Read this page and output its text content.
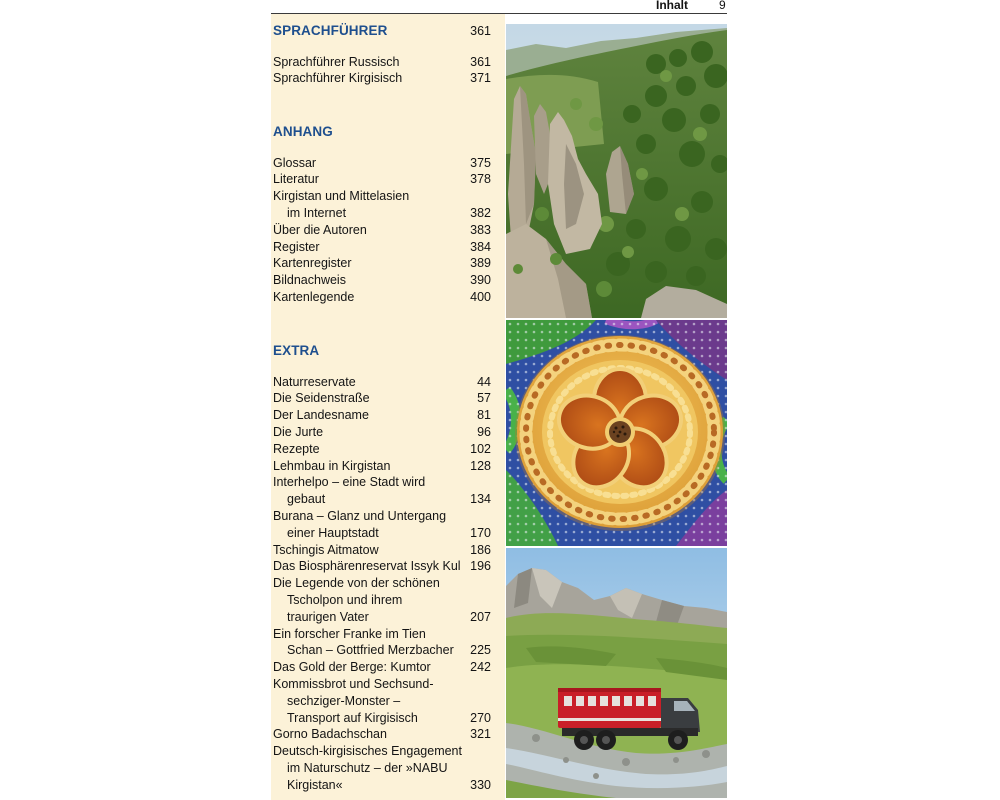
Inhalt	9
SPRACHFÜHRER	361
Sprachführer Russisch	361
Sprachführer Kirgisisch	371
ANHANG
Glossar	375
Literatur	378
Kirgistan und Mittelasien
im Internet	382
Über die Autoren	383
Register	384
Kartenregister	389
Bildnachweis	390
Kartenlegende	400
EXTRA
Naturreservate	44
Die Seidenstraße	57
Der Landesname	81
Die Jurte	96
Rezepte	102
Lehmbau in Kirgistan	128
Interhelpo – eine Stadt wird
gebaut	134
Burana – Glanz und Untergang
einer Hauptstadt	170
Tschingis Aitmatow	186
Das Biosphärenreservat Issyk Kul 196
Die Legende von der schönen
Tscholpon und ihrem
traurigen Vater	207
Ein forscher Franke im Tien
Schan – Gottfried Merzbacher	225
Das Gold der Berge: Kumtor	242
Kommissbrot und Sechsund-
sechziger-Monster –
Transport auf Kirgisisch	270
Gorno Badachschan	321
Deutsch-kirgisisches Engagement
im Naturschutz – der »NABU
Kirgistan«	330
